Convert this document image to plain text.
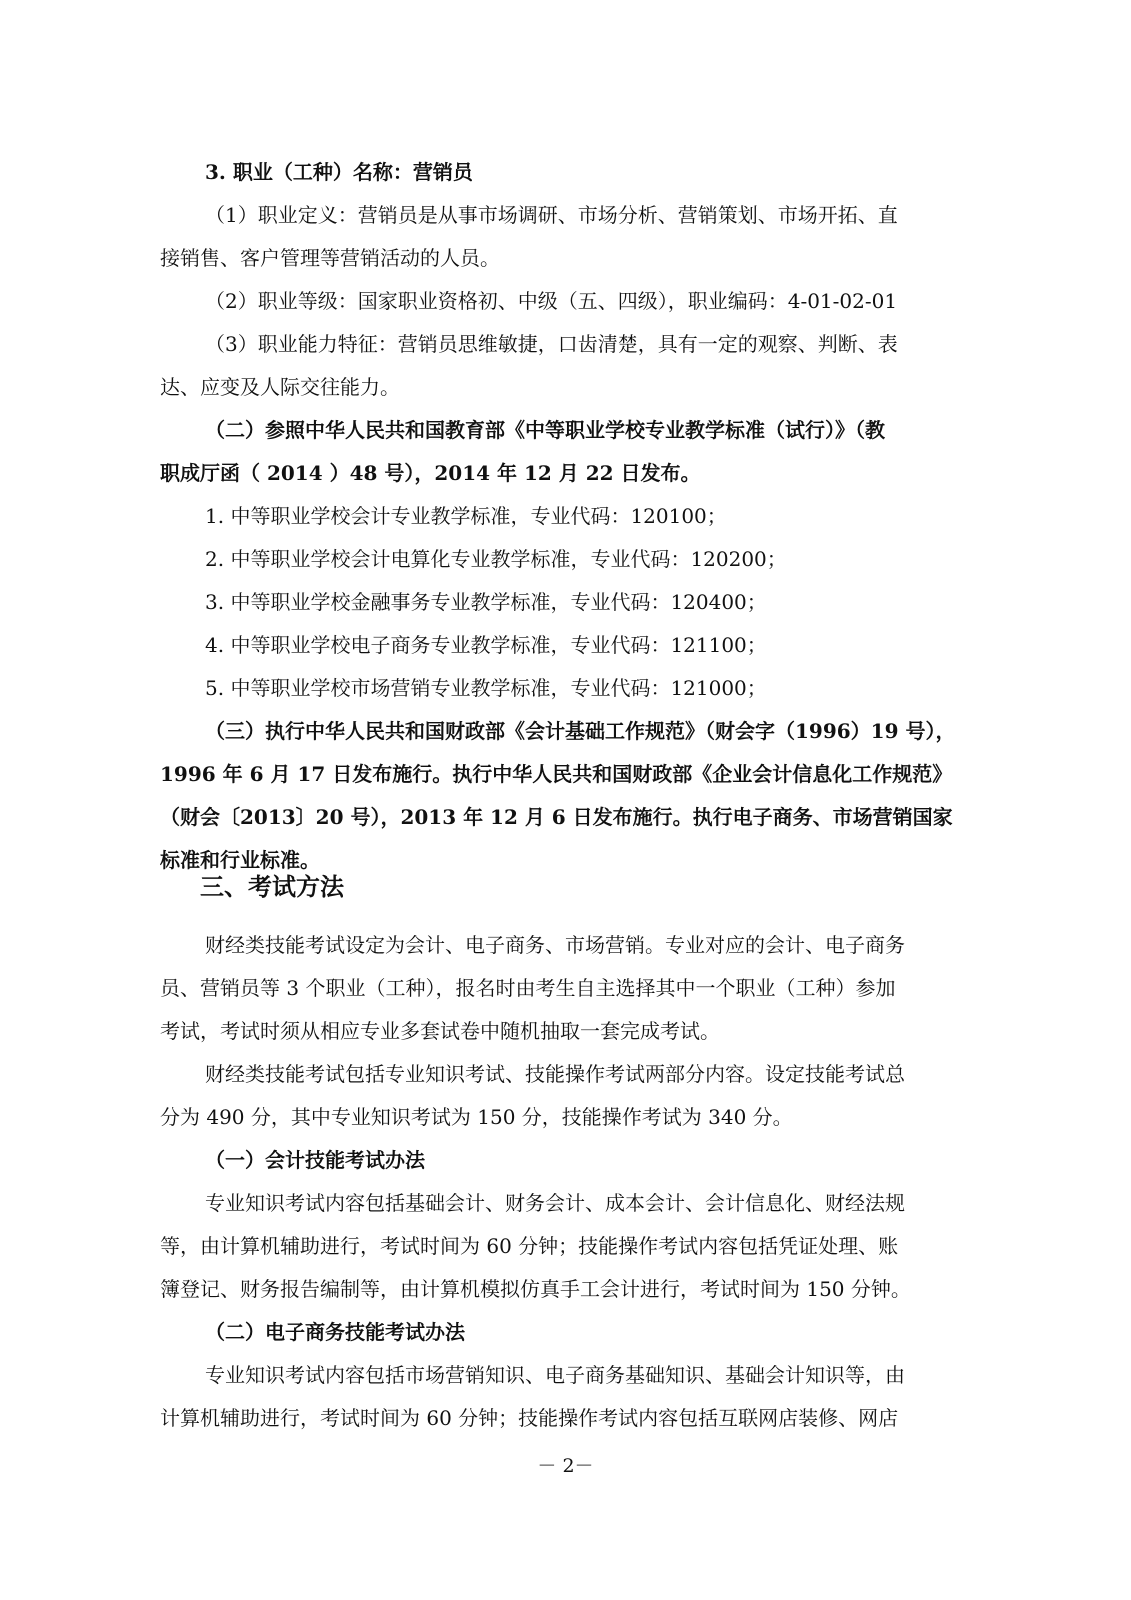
3. 职业（工种）名称：营销员

（1）职业定义：营销员是从事市场调研、市场分析、营销策划、市场开拓、直

接销售、客户管理等营销活动的人员。

（2）职业等级：国家职业资格初、中级（五、四级），职业编码：4-01-02-01

（3）职业能力特征：营销员思维敏捷，口齿清楚，具有一定的观察、判断、表

达、应变及人际交往能力。

（二）参照中华人民共和国教育部《中等职业学校专业教学标准（试行）》（教

职成厅函（ 2014 ）48 号），2014 年 12 月 22 日发布。

1. 中等职业学校会计专业教学标准，专业代码：120100；

2. 中等职业学校会计电算化专业教学标准，专业代码：120200；

3. 中等职业学校金融事务专业教学标准，专业代码：120400；

4. 中等职业学校电子商务专业教学标准，专业代码：121100；

5. 中等职业学校市场营销专业教学标准，专业代码：121000；

（三）执行中华人民共和国财政部《会计基础工作规范》（财会字（1996）19 号），

1996 年 6 月 17 日发布施行。执行中华人民共和国财政部《企业会计信息化工作规范》

（财会〔2013〕20 号），2013 年 12 月 6 日发布施行。执行电子商务、市场营销国家

标准和行业标准。

三、考试方法

财经类技能考试设定为会计、电子商务、市场营销。专业对应的会计、电子商务

员、营销员等 3 个职业（工种），报名时由考生自主选择其中一个职业（工种）参加

考试，考试时须从相应专业多套试卷中随机抽取一套完成考试。

财经类技能考试包括专业知识考试、技能操作考试两部分内容。设定技能考试总

分为 490 分，其中专业知识考试为 150 分，技能操作考试为 340 分。

（一）会计技能考试办法

专业知识考试内容包括基础会计、财务会计、成本会计、会计信息化、财经法规

等，由计算机辅助进行，考试时间为 60 分钟；技能操作考试内容包括凭证处理、账

簿登记、财务报告编制等，由计算机模拟仿真手工会计进行，考试时间为 150 分钟。

（二）电子商务技能考试办法

专业知识考试内容包括市场营销知识、电子商务基础知识、基础会计知识等，由

计算机辅助进行，考试时间为 60 分钟；技能操作考试内容包括互联网店装修、网店

－ 2－
